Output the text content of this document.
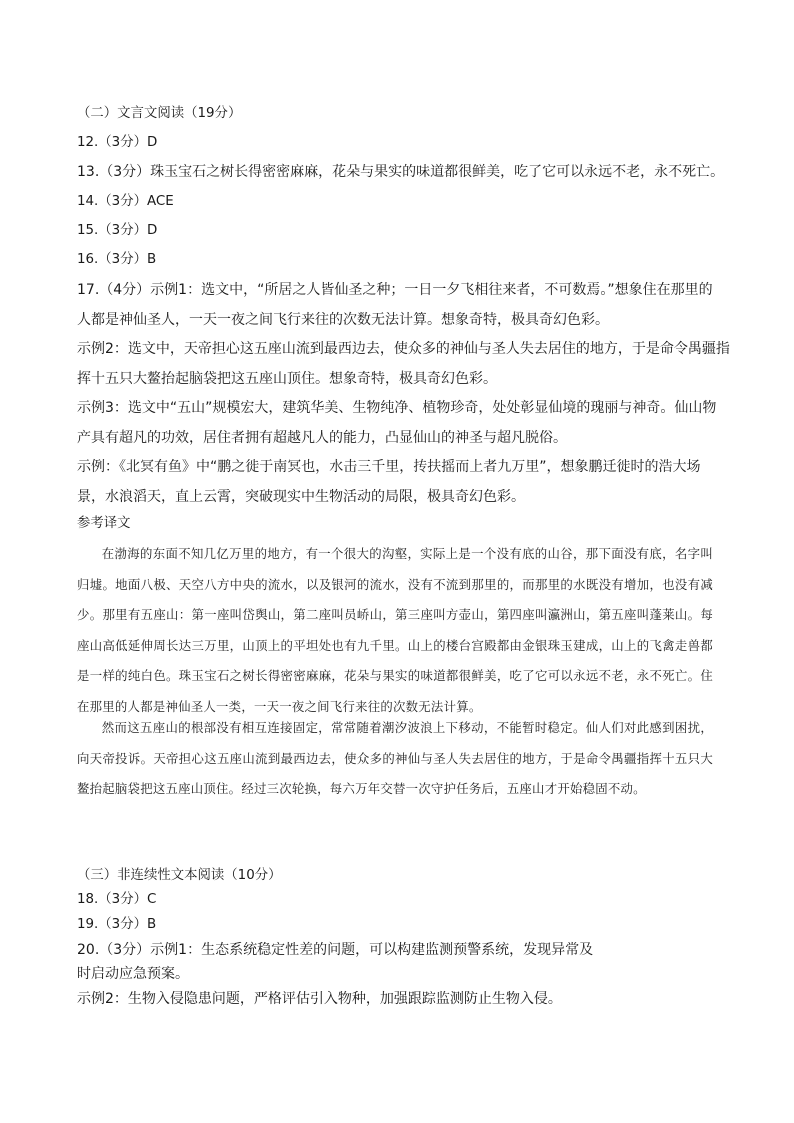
（二）文言文阅读（19分）
12.（3分）D
13.（3分）珠玉宝石之树长得密密麻麻，花朵与果实的味道都很鲜美，吃了它可以永远不老，永不死亡。
14.（3分）ACE
15.（3分）D
16.（3分）B
17.（4分）示例1：选文中，“所居之人皆仙圣之种；一日一夕飞相往来者，不可数焉。”想象住在那里的
人都是神仙圣人，一天一夜之间飞行来往的次数无法计算。想象奇特，极具奇幻色彩。
示例2：选文中，天帝担心这五座山流到最西边去，使众多的神仙与圣人失去居住的地方，于是命令禺疆指
挥十五只大鳌抬起脑袋把这五座山顶住。想象奇特，极具奇幻色彩。
示例3：选文中“五山”规模宏大，建筑华美、生物纯净、植物珍奇，处处彰显仙境的瑰丽与神奇。仙山物
产具有超凡的功效，居住者拥有超越凡人的能力，凸显仙山的神圣与超凡脱俗。
示例：《北冥有鱼》中“鹏之徙于南冥也，水击三千里，抟扶摇而上者九万里”，想象鹏迁徙时的浩大场
景，水浪滔天，直上云霄，突破现实中生物活动的局限，极具奇幻色彩。
参考译文

在渤海的东面不知几亿万里的地方，有一个很大的沟壑，实际上是一个没有底的山谷，那下面没有底，名字叫归墟。地面八极、天空八方中央的流水，以及银河的流水，没有不流到那里的，而那里的水既没有增加，也没有减少。那里有五座山：第一座叫岱舆山，第二座叫员峤山，第三座叫方壶山，第四座叫瀛洲山，第五座叫蓬莱山。每座山高低延伸周长达三万里，山顶上的平坦处也有九千里。山上的楼台宫殿都由金银珠玉建成，山上的飞禽走兽都是一样的纯白色。珠玉宝石之树长得密密麻麻，花朵与果实的味道都很鲜美，吃了它可以永远不老，永不死亡。住在那里的人都是神仙圣人一类，一天一夜之间飞行来往的次数无法计算。

然而这五座山的根部没有相互连接固定，常常随着潮汐波浪上下移动，不能暂时稳定。仙人们对此感到困扰，向天帝投诉。天帝担心这五座山流到最西边去，使众多的神仙与圣人失去居住的地方，于是命令禺疆指挥十五只大鳌抬起脑袋把这五座山顶住。经过三次轮换，每六万年交替一次守护任务后，五座山才开始稳固不动。

（三）非连续性文本阅读（10分）
18.（3分）C
19.（3分）B
20.（3分）示例1：生态系统稳定性差的问题，可以构建监测预警系统，发现异常及
时启动应急预案。
示例2：生物入侵隐患问题，严格评估引入物种，加强跟踪监测防止生物入侵。
